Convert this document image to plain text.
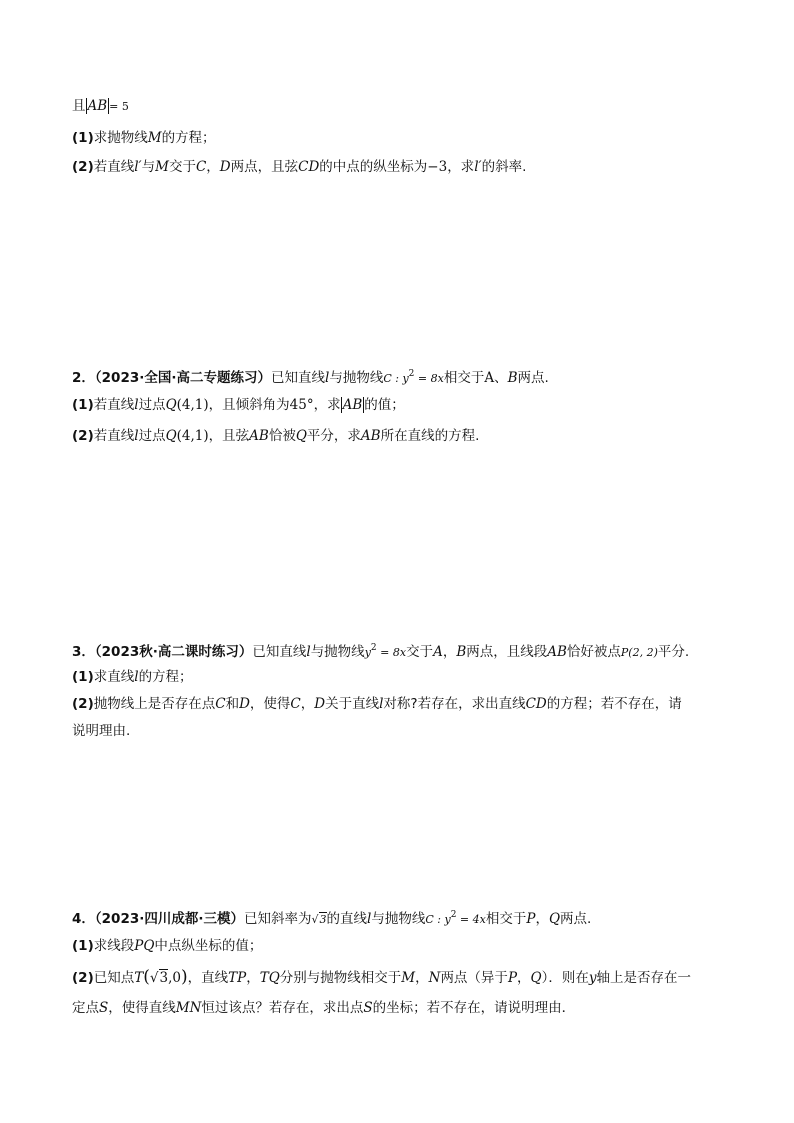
且 AB = 5
(1)求抛物线M的方程；
(2)若直线l′与M交于C，D两点，且弦CD的中点的纵坐标为−3，求l′的斜率.
2．（2023·全国·高二专题练习）已知直线l与抛物线C : $y^2 = 8x$相交于A、B两点.
(1)若直线l过点Q(4,1)，且倾斜角为45°，求 AB 的值；
(2)若直线l过点Q(4,1)，且弦AB恰被Q平分，求AB所在直线的方程.
3．（2023秋·高二课时练习）已知直线l与抛物线$y^2 = 8x$交于A，B两点，且线段AB恰好被点P(2, 2)平分.
(1)求直线l的方程；
(2)抛物线上是否存在点C和D，使得C，D关于直线l对称?若存在，求出直线CD的方程；若不存在，请
说明理由.
4．（2023·四川成都·三模）已知斜率为√3的直线l与抛物线C : $y^2 = 4x$相交于P，Q两点.
(1)求线段PQ中点纵坐标的值；
(2)已知点T(√3,0)，直线TP，TQ分别与抛物线相交于M，N两点（异于P，Q）．则在y轴上是否存在一
定点S，使得直线MN恒过该点？若存在，求出点S的坐标；若不存在，请说明理由．
